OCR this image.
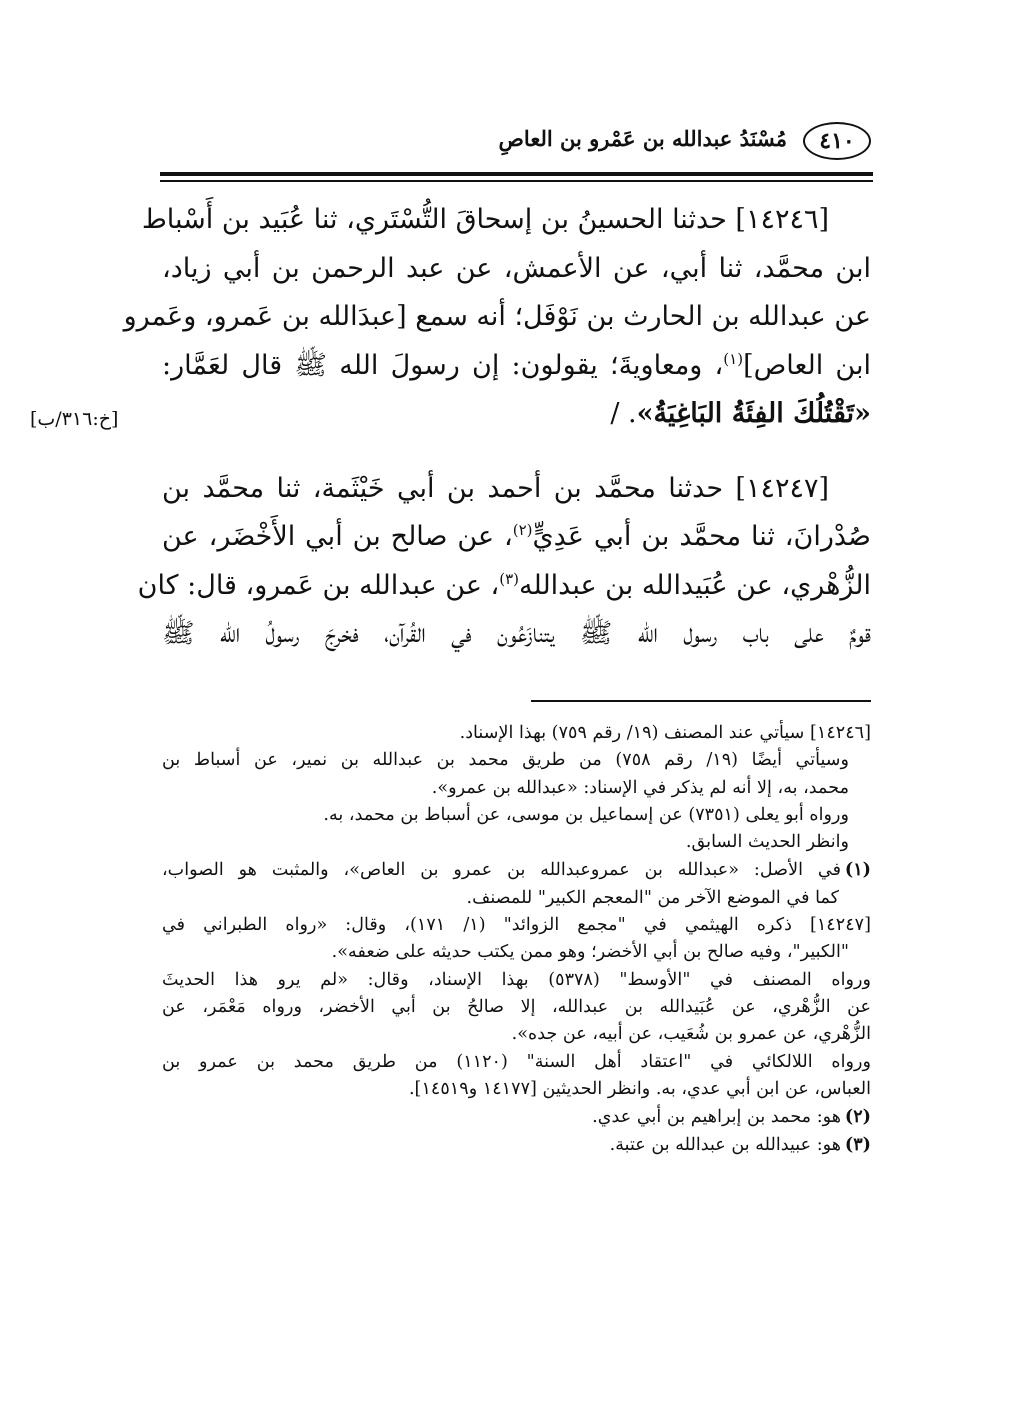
٤١٠
مُسْنَدُ عبدالله بن عَمْرو بن العاصِ
[خ:٣١٦/ب]

[١٤٢٤٦] حدثنا الحسينُ بن إسحاقَ التُّسْتَري، ثنا عُبَيد بن أَسْباط
ابن محمَّد، ثنا أبي، عن الأعمش، عن عبد الرحمن بن أبي زياد،
عن عبدالله بن الحارث بن نَوْفَل؛ أنه سمع [عبدَالله بن عَمرو، وعَمرو
ابن العاص]$^{(١)}$، ومعاويةَ؛ يقولون: إن رسولَ الله ﷺ قال لعَمَّار:
«تَقْتُلُكَ الفِئَةُ البَاغِيَةُ». /

[١٤٢٤٧] حدثنا محمَّد بن أحمد بن أبي خَيْثَمة، ثنا محمَّد بن
صُدْرانَ، ثنا محمَّد بن أبي عَدِيٍّ$^{(٢)}$، عن صالح بن أبي الأَخْضَر، عن
الزُّهْري، عن عُبَيدالله بن عبدالله$^{(٣)}$، عن عبدالله بن عَمرو، قال: كان
قومٌ على باب رسول الله ﷺ يتنازَعُون في القُرآن، فخرجَ رسولُ الله ﷺ

[١٤٢٤٦] سيأتي عند المصنف (١٩/ رقم ٧٥٩) بهذا الإسناد.
وسيأتي أيضًا (١٩/ رقم ٧٥٨) من طريق محمد بن عبدالله بن نمير، عن أسباط بن
محمد، به، إلا أنه لم يذكر في الإسناد: «عبدالله بن عمرو».
ورواه أبو يعلى (٧٣٥١) عن إسماعيل بن موسى، عن أسباط بن محمد، به.
وانظر الحديث السابق.
(١)في الأصل: «عبدالله بن عمروعبدالله بن عمرو بن العاص»، والمثبت هو الصواب،
كما في الموضع الآخر من "المعجم الكبير" للمصنف.
[١٤٢٤٧] ذكره الهيثمي في "مجمع الزوائد" (١/ ١٧١)، وقال: «رواه الطبراني في
"الكبير"، وفيه صالح بن أبي الأخضر؛ وهو ممن يكتب حديثه على ضعفه».
ورواه المصنف في "الأوسط" (٥٣٧٨) بهذا الإسناد، وقال: «لم يرو هذا الحديثَ
عن الزُّهْري، عن عُبَيدالله بن عبدالله، إلا صالحُ بن أبي الأخضر، ورواه مَعْمَر، عن
الزُّهْري، عن عمرو بن شُعَيب، عن أبيه، عن جده».
ورواه اللالكائي في "اعتقاد أهل السنة" (١١٢٠) من طريق محمد بن عمرو بن
العباس، عن ابن أبي عدي، به. وانظر الحديثين [١٤١٧٧ و١٤٥١٩].
(٢)هو: محمد بن إبراهيم بن أبي عدي.
(٣)هو: عبيدالله بن عبدالله بن عتبة.
